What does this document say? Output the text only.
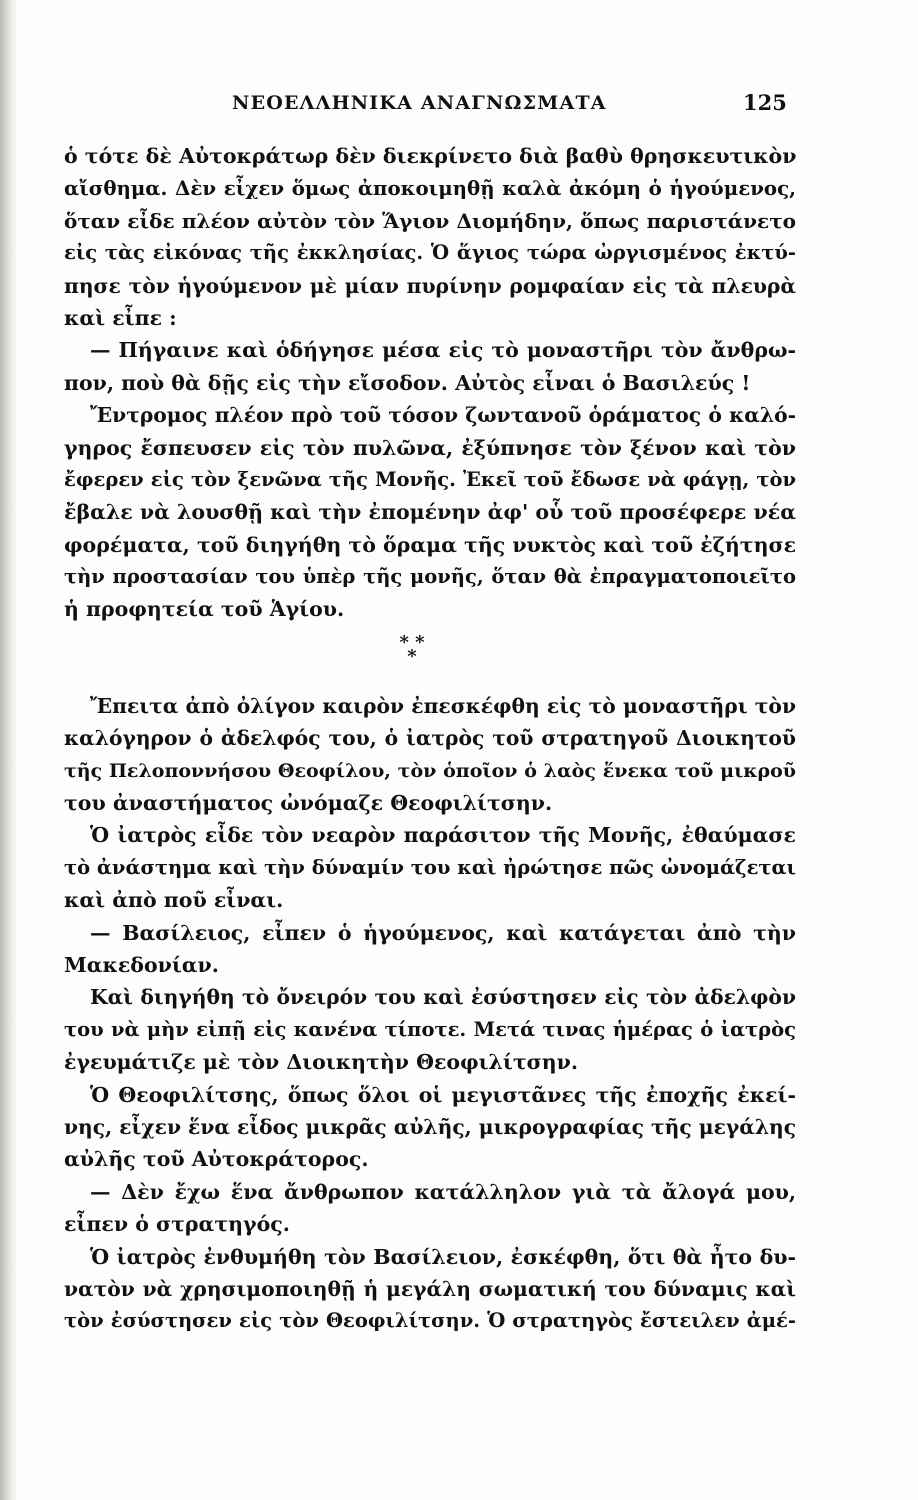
ΝΕΟΕΛΛΗΝΙΚΑ ΑΝΑΓΝΩΣΜΑΤΑ	125
ὁ τότε δὲ Αὐτοκράτωρ δὲν διεκρίνετο διὰ βαθὺ θρησκευτικὸν
αἴσθημα. Δὲν εἶχεν ὅμως ἀποκοιμηθῇ καλὰ ἀκόμη ὁ ἡγούμενος,
ὅταν εἶδε πλέον αὐτὸν τὸν Ἅγιον Διομήδην, ὅπως παριστάνετο
εἰς τὰς εἰκόνας τῆς ἐκκλησίας. Ὁ ἅγιος τώρα ὠργισμένος ἐκτύ-
πησε τὸν ἡγούμενον μὲ μίαν πυρίνην ρομφαίαν εἰς τὰ πλευρὰ
καὶ εἶπε :
— Πήγαινε καὶ ὁδήγησε μέσα εἰς τὸ μοναστῆρι τὸν ἄνθρω-
πον, ποὺ θὰ δῇς εἰς τὴν εἴσοδον. Αὐτὸς εἶναι ὁ Βασιλεύς !
Ἔντρομος πλέον πρὸ τοῦ τόσον ζωντανοῦ ὁράματος ὁ καλό-
γηρος ἔσπευσεν εἰς τὸν πυλῶνα, ἐξύπνησε τὸν ξένον καὶ τὸν
ἔφερεν εἰς τὸν ξενῶνα τῆς Μονῆς. Ἐκεῖ τοῦ ἔδωσε νὰ φάγῃ, τὸν
ἔβαλε νὰ λουσθῇ καὶ τὴν ἐπομένην ἀφ' οὗ τοῦ προσέφερε νέα
φορέματα, τοῦ διηγήθη τὸ ὅραμα τῆς νυκτὸς καὶ τοῦ ἐζήτησε
τὴν προστασίαν του ὑπὲρ τῆς μονῆς, ὅταν θὰ ἐπραγματοποιεῖτο
ἡ προφητεία τοῦ Ἁγίου.
* * *
Ἔπειτα ἀπὸ ὀλίγον καιρὸν ἐπεσκέφθη εἰς τὸ μοναστῆρι τὸν
καλόγηρον ὁ ἀδελφός του, ὁ ἰατρὸς τοῦ στρατηγοῦ Διοικητοῦ
τῆς Πελοποννήσου Θεοφίλου, τὸν ὁποῖον ὁ λαὸς ἕνεκα τοῦ μικροῦ
του ἀναστήματος ὠνόμαζε Θεοφιλίτσην.
Ὁ ἰατρὸς εἶδε τὸν νεαρὸν παράσιτον τῆς Μονῆς, ἐθαύμασε
τὸ ἀνάστημα καὶ τὴν δύναμίν του καὶ ἠρώτησε πῶς ὠνομάζεται
καὶ ἀπὸ ποῦ εἶναι.
— Βασίλειος, εἶπεν ὁ ἡγούμενος, καὶ κατάγεται ἀπὸ τὴν
Μακεδονίαν.
Καὶ διηγήθη τὸ ὄνειρόν του καὶ ἐσύστησεν εἰς τὸν ἀδελφὸν
του νὰ μὴν εἰπῇ εἰς κανένα τίποτε. Μετά τινας ἡμέρας ὁ ἰατρὸς
ἐγευμάτιζε μὲ τὸν Διοικητὴν Θεοφιλίτσην.
Ὁ Θεοφιλίτσης, ὅπως ὅλοι οἱ μεγιστᾶνες τῆς ἐποχῆς ἐκεί-
νης, εἶχεν ἕνα εἶδος μικρᾶς αὐλῆς, μικρογραφίας τῆς μεγάλης
αὐλῆς τοῦ Αὐτοκράτορος.
— Δὲν ἔχω ἕνα ἄνθρωπον κατάλληλον γιὰ τὰ ἄλογά μου,
εἶπεν ὁ στρατηγός.
Ὁ ἰατρὸς ἐνθυμήθη τὸν Βασίλειον, ἐσκέφθη, ὅτι θὰ ἦτο δυ-
νατὸν νὰ χρησιμοποιηθῇ ἡ μεγάλη σωματική του δύναμις καὶ
τὸν ἐσύστησεν εἰς τὸν Θεοφιλίτσην. Ὁ στρατηγὸς ἔστειλεν ἀμέ-
